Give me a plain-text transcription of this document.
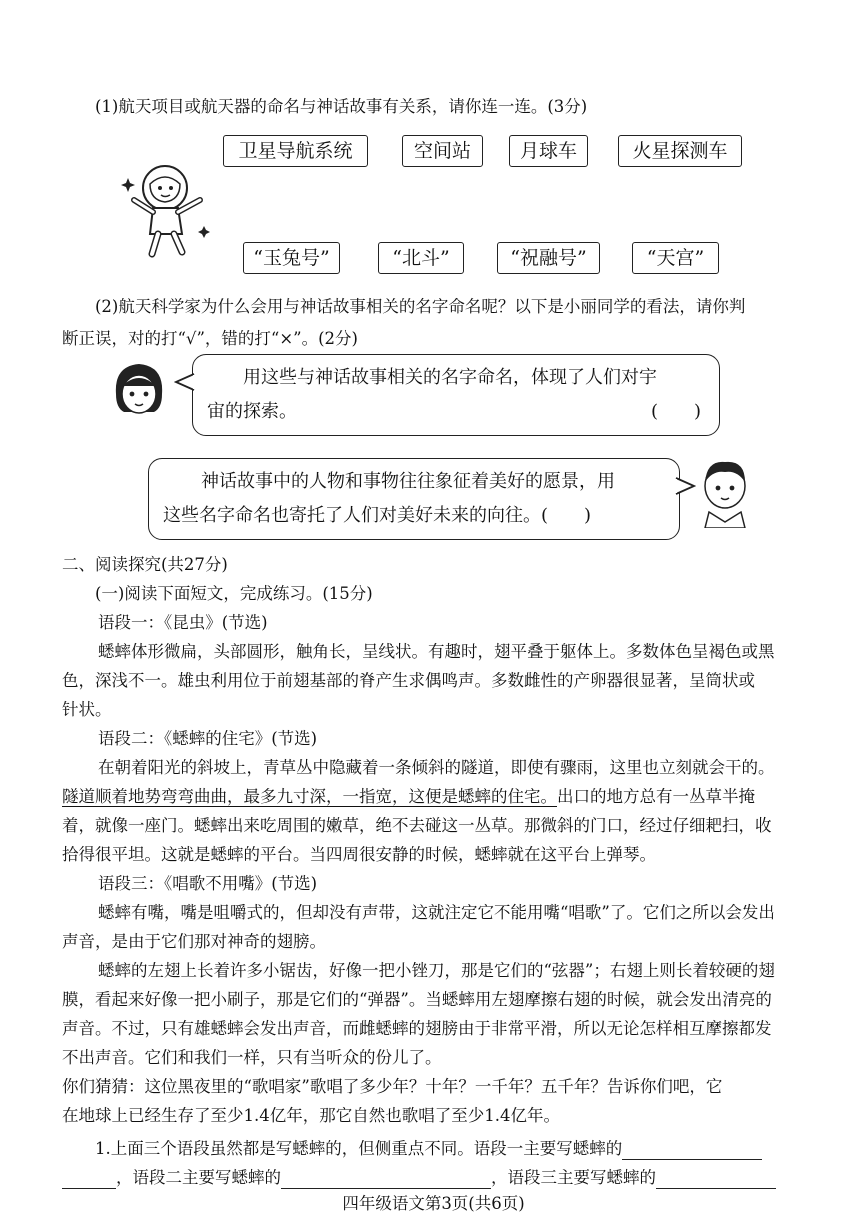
(1)航天项目或航天器的命名与神话故事有关系，请你连一连。(3分)
卫星导航系统	空间站	月球车	火星探测车
“玉兔号”	“北斗”	“祝融号”	“天宫”
(2)航天科学家为什么会用与神话故事相关的名字命名呢？以下是小丽同学的看法，请你判
断正误，对的打“√”，错的打“×”。(2分)
用这些与神话故事相关的名字命名，体现了人们对宇
宙的探索。	(　　)
神话故事中的人物和事物往往象征着美好的愿景，用
这些名字命名也寄托了人们对美好未来的向往。(　　)
二、阅读探究(共27分)
(一)阅读下面短文，完成练习。(15分)
语段一：《昆虫》(节选)
蟋蟀体形微扁，头部圆形，触角长，呈线状。有趣时，翅平叠于躯体上。多数体色呈褐色或黑
色，深浅不一。雄虫利用位于前翅基部的脊产生求偶鸣声。多数雌性的产卵器很显著，呈筒状或
针状。
语段二：《蟋蟀的住宅》(节选)
在朝着阳光的斜坡上，青草丛中隐藏着一条倾斜的隧道，即使有骤雨，这里也立刻就会干的。
隧道顺着地势弯弯曲曲，最多九寸深，一指宽，这便是蟋蟀的住宅。出口的地方总有一丛草半掩
着，就像一座门。蟋蟀出来吃周围的嫩草，绝不去碰这一丛草。那微斜的门口，经过仔细耙扫，收
拾得很平坦。这就是蟋蟀的平台。当四周很安静的时候，蟋蟀就在这平台上弹琴。
语段三：《唱歌不用嘴》(节选)
蟋蟀有嘴，嘴是咀嚼式的，但却没有声带，这就注定它不能用嘴“唱歌”了。它们之所以会发出
声音，是由于它们那对神奇的翅膀。
蟋蟀的左翅上长着许多小锯齿，好像一把小锉刀，那是它们的“弦器”；右翅上则长着较硬的翅
膜，看起来好像一把小刷子，那是它们的“弹器”。当蟋蟀用左翅摩擦右翅的时候，就会发出清亮的
声音。不过，只有雄蟋蟀会发出声音，而雌蟋蟀的翅膀由于非常平滑，所以无论怎样相互摩擦都发
不出声音。它们和我们一样，只有当听众的份儿了。
你们猜猜：这位黑夜里的“歌唱家”歌唱了多少年？十年？一千年？五千年？告诉你们吧，它
在地球上已经生存了至少1.4亿年，那它自然也歌唱了至少1.4亿年。
1.上面三个语段虽然都是写蟋蟀的，但侧重点不同。语段一主要写蟋蟀的
，语段二主要写蟋蟀的	，语段三主要写蟋蟀的
四年级语文第3页(共6页)
